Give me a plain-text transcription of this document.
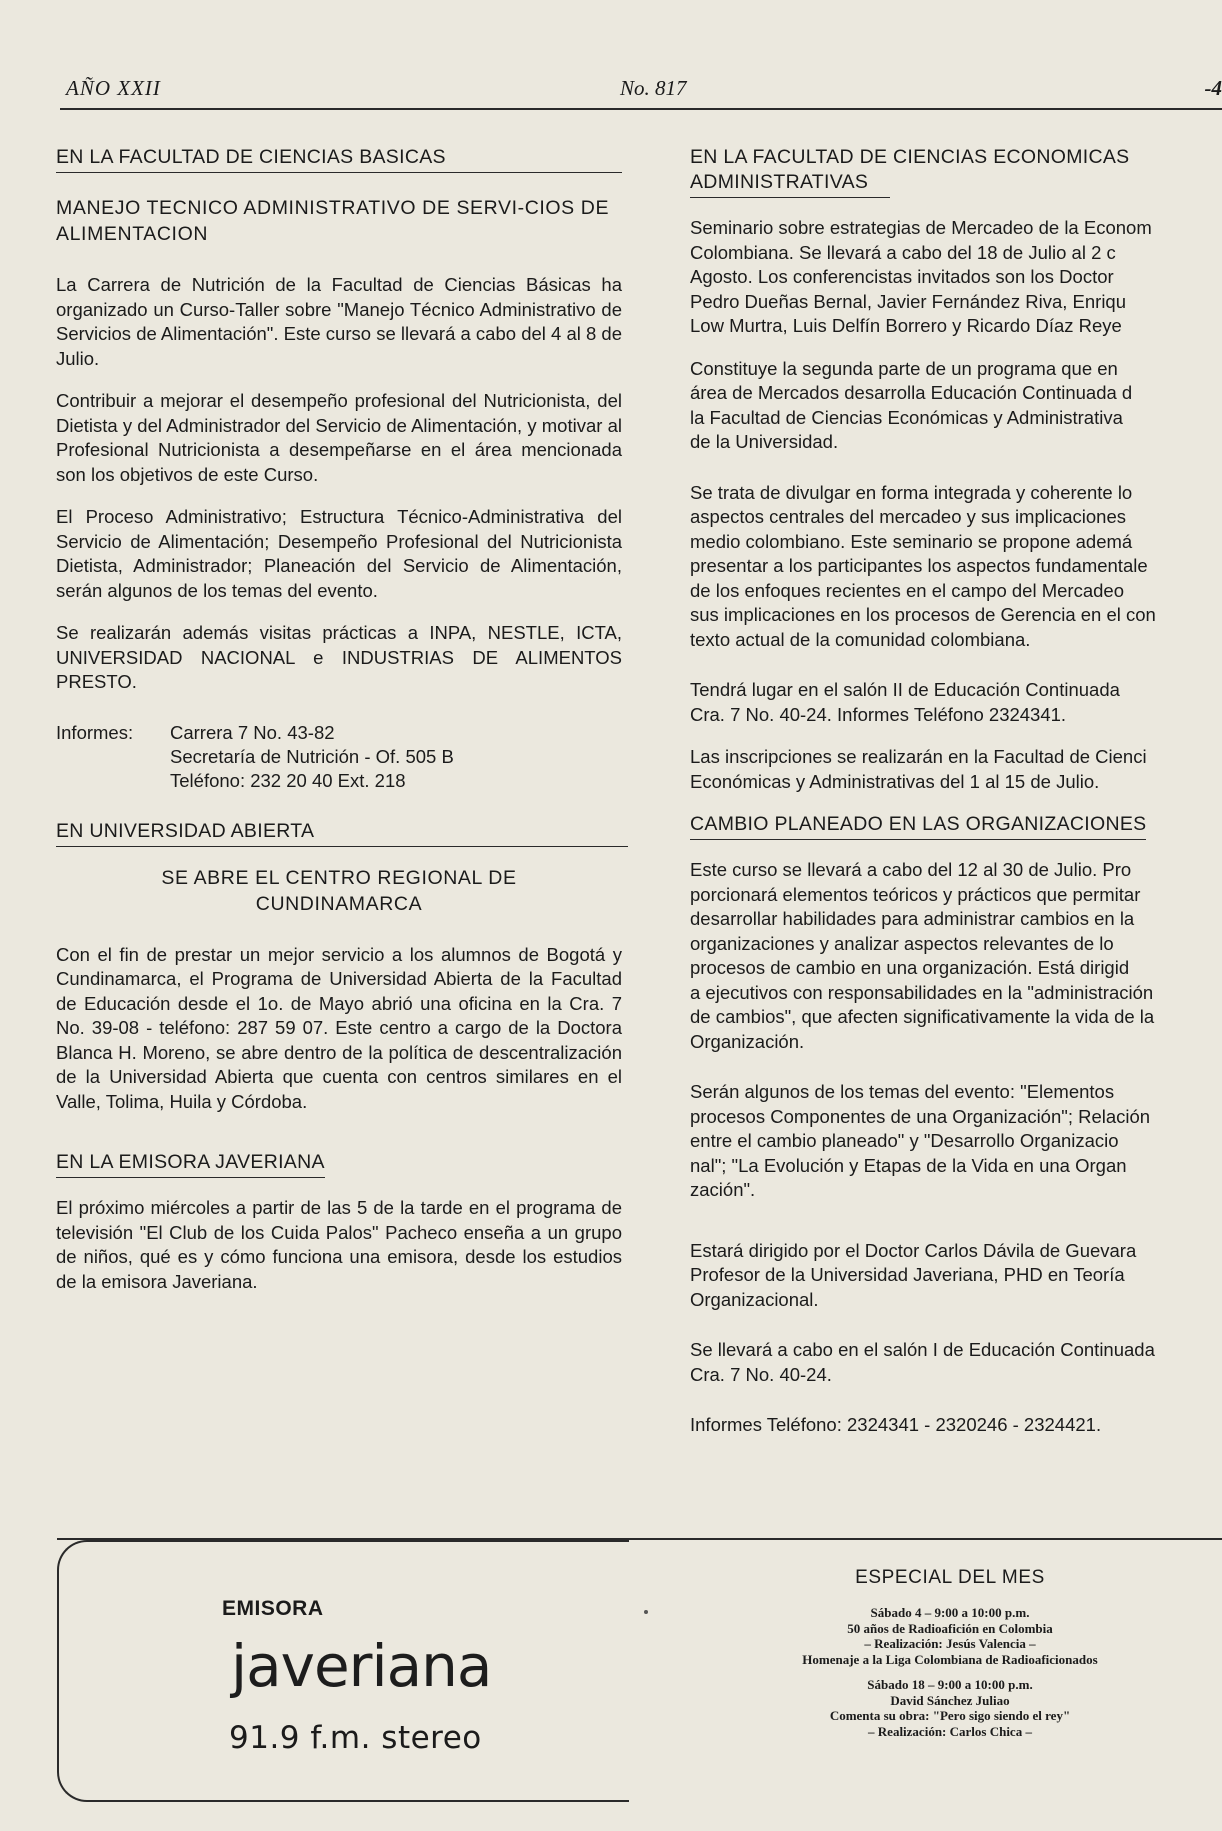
AÑO XXII	No. 817	-4
EN LA FACULTAD DE CIENCIAS BASICAS
MANEJO TECNICO ADMINISTRATIVO DE SERVI-CIOS DE ALIMENTACION

La Carrera de Nutrición de la Facultad de Ciencias Básicas ha organizado un Curso-Taller sobre "Manejo Técnico Administrativo de Servicios de Alimentación". Este curso se llevará a cabo del 4 al 8 de Julio.

Contribuir a mejorar el desempeño profesional del Nutricionista, del Dietista y del Administrador del Servicio de Alimentación, y motivar al Profesional Nutricionista a desempeñarse en el área mencionada son los objetivos de este Curso.

El Proceso Administrativo; Estructura Técnico-Administrativa del Servicio de Alimentación; Desempeño Profesional del Nutricionista Dietista, Administrador; Planeación del Servicio de Alimentación, serán algunos de los temas del evento.

Se realizarán además visitas prácticas a INPA, NESTLE, ICTA, UNIVERSIDAD NACIONAL e INDUSTRIAS DE ALIMENTOS PRESTO.

Informes:	Carrera 7 No. 43-82
Secretaría de Nutrición - Of. 505 B
Teléfono: 232 20 40 Ext. 218
EN UNIVERSIDAD ABIERTA
SE ABRE EL CENTRO REGIONAL DE
CUNDINAMARCA

Con el fin de prestar un mejor servicio a los alumnos de Bogotá y Cundinamarca, el Programa de Universidad Abierta de la Facultad de Educación desde el 1o. de Mayo abrió una oficina en la Cra. 7 No. 39-08 - teléfono: 287 59 07. Este centro a cargo de la Doctora Blanca H. Moreno, se abre dentro de la política de descentralización de la Universidad Abierta que cuenta con centros similares en el Valle, Tolima, Huila y Córdoba.

EN LA EMISORA JAVERIANA

El próximo miércoles a partir de las 5 de la tarde en el programa de televisión "El Club de los Cuida Palos" Pacheco enseña a un grupo de niños, qué es y cómo funciona una emisora, desde los estudios de la emisora Javeriana.

EN LA FACULTAD DE CIENCIAS ECONOMICAS
ADMINISTRATIVAS

Seminario sobre estrategias de Mercadeo de la Econom

Colombiana. Se llevará a cabo del 18 de Julio al 2 c

Agosto. Los conferencistas invitados son los Doctor

Pedro Dueñas Bernal, Javier Fernández Riva, Enriqu

Low Murtra, Luis Delfín Borrero y Ricardo Díaz Reye

Constituye la segunda parte de un programa que en

área de Mercados desarrolla Educación Continuada d

la Facultad de Ciencias Económicas y Administrativa

de la Universidad.

Se trata de divulgar en forma integrada y coherente lo

aspectos centrales del mercadeo y sus implicaciones

medio colombiano. Este seminario se propone ademá

presentar a los participantes los aspectos fundamentale

de los enfoques recientes en el campo del Mercadeo

sus implicaciones en los procesos de Gerencia en el con

texto actual de la comunidad colombiana.

Tendrá lugar en el salón II de Educación Continuada

Cra. 7 No. 40-24. Informes Teléfono 2324341.

Las inscripciones se realizarán en la Facultad de Cienci

Económicas y Administrativas del 1 al 15 de Julio.

CAMBIO PLANEADO EN LAS ORGANIZACIONES

Este curso se llevará a cabo del 12 al 30 de Julio. Pro

porcionará elementos teóricos y prácticos que permitar

desarrollar habilidades para administrar cambios en la

organizaciones y analizar aspectos relevantes de lo

procesos de cambio en una organización. Está dirigid

a ejecutivos con responsabilidades en la "administración

de cambios", que afecten significativamente la vida de la

Organización.

Serán algunos de los temas del evento: "Elementos

procesos Componentes de una Organización"; Relación

entre el cambio planeado" y "Desarrollo Organizacio

nal"; "La Evolución y Etapas de la Vida en una Organ

zación".

Estará dirigido por el Doctor Carlos Dávila de Guevara

Profesor de la Universidad Javeriana, PHD en Teoría

Organizacional.

Se llevará a cabo en el salón I de Educación Continuada

Cra. 7 No. 40-24.

Informes Teléfono: 2324341 - 2320246 - 2324421.

EMISORA
javeriana
91.9 f.m. stereo
ESPECIAL DEL MES
Sábado 4 – 9:00 a 10:00 p.m.
50 años de Radioafición en Colombia
– Realización: Jesús Valencia –
Homenaje a la Liga Colombiana de Radioaficionados
Sábado 18 – 9:00 a 10:00 p.m.
David Sánchez Juliao
Comenta su obra: "Pero sigo siendo el rey"
– Realización: Carlos Chica –
